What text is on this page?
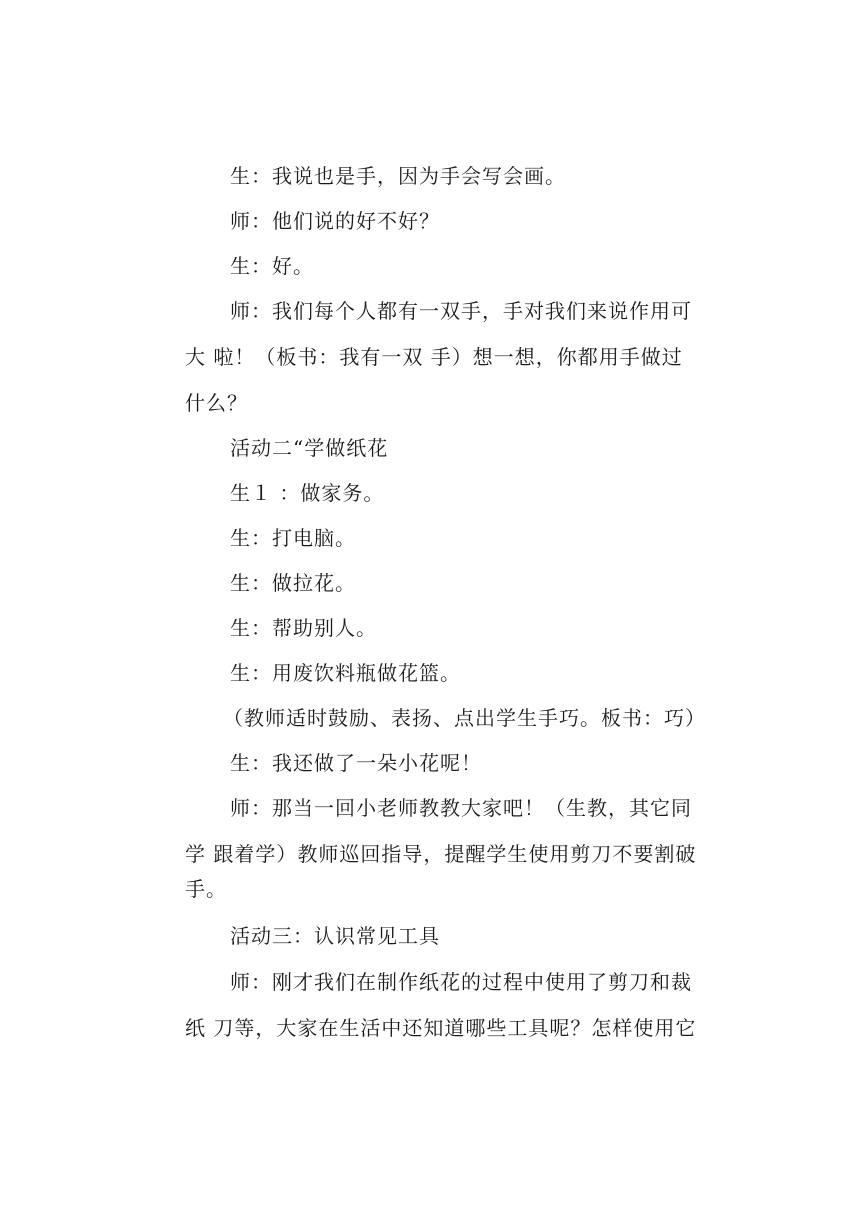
生：我说也是手，因为手会写会画。
师：他们说的好不好？
生：好。
师：我们每个人都有一双手，手对我们来说作用可
大 啦！（板书：我有一双 手）想一想，你都用手做过
什么？
活动二“学做纸花
生１ ：做家务。
生：打电脑。
生：做拉花。
生：帮助别人。
生：用废饮料瓶做花篮。
（教师适时鼓励、表扬、点出学生手巧。板书：巧）
生：我还做了一朵小花呢！
师：那当一回小老师教教大家吧！（生教，其它同
学 跟着学）教师巡回指导，提醒学生使用剪刀不要割破
手。
活动三：认识常见工具
师：刚才我们在制作纸花的过程中使用了剪刀和裁
纸 刀等，大家在生活中还知道哪些工具呢？怎样使用它
